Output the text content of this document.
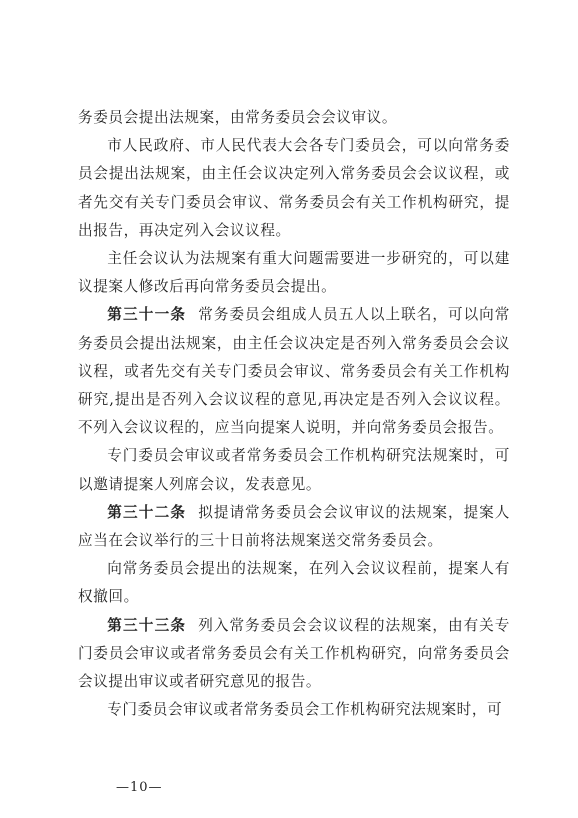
务委员会提出法规案，由常务委员会会议审议。

市人民政府、市人民代表大会各专门委员会，可以向常务委员会提出法规案，由主任会议决定列入常务委员会会议议程，或者先交有关专门委员会审议、常务委员会有关工作机构研究，提出报告，再决定列入会议议程。

主任会议认为法规案有重大问题需要进一步研究的，可以建议提案人修改后再向常务委员会提出。

第三十一条 常务委员会组成人员五人以上联名，可以向常务委员会提出法规案，由主任会议决定是否列入常务委员会会议议程，或者先交有关专门委员会审议、常务委员会有关工作机构研究,提出是否列入会议议程的意见,再决定是否列入会议议程。不列入会议议程的，应当向提案人说明，并向常务委员会报告。

专门委员会审议或者常务委员会工作机构研究法规案时，可以邀请提案人列席会议，发表意见。

第三十二条 拟提请常务委员会会议审议的法规案，提案人应当在会议举行的三十日前将法规案送交常务委员会。

向常务委员会提出的法规案，在列入会议议程前，提案人有权撤回。

第三十三条 列入常务委员会会议议程的法规案，由有关专门委员会审议或者常务委员会有关工作机构研究，向常务委员会会议提出审议或者研究意见的报告。

专门委员会审议或者常务委员会工作机构研究法规案时，可

—10—
